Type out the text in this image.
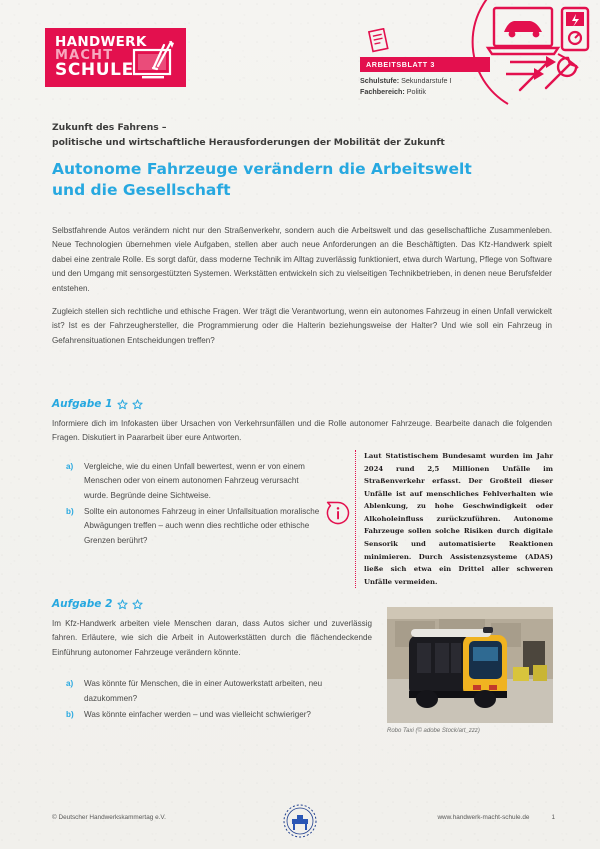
HANDWERK
MACHT
SCHULE	ARBEITSBLATT 3
Schulstufe: Sekundarstufe I
Fachbereich: Politik
Zukunft des Fahrens –
politische und wirtschaftliche Herausforderungen der Mobilität der Zukunft
Autonome Fahrzeuge verändern die Arbeitswelt
und die Gesellschaft

Selbstfahrende Autos verändern nicht nur den Straßenverkehr, sondern auch die Arbeitswelt und das gesellschaftliche Zusammenleben. Neue Technologien übernehmen viele Aufgaben, stellen aber auch neue Anforderungen an die Beschäftigten. Das Kfz-Handwerk spielt dabei eine zentrale Rolle. Es sorgt dafür, dass moderne Technik im Alltag zuverlässig funktioniert, etwa durch Wartung, Pflege von Software und den Umgang mit sensorgestützten Systemen. Werkstätten entwickeln sich zu vielseitigen Technikbetrieben, in denen neue Berufsfelder entstehen.

Zugleich stellen sich rechtliche und ethische Fragen. Wer trägt die Verantwortung, wenn ein autonomes Fahrzeug in einen Unfall verwickelt ist? Ist es der Fahrzeughersteller, die Programmierung oder die Halterin beziehungsweise der Halter? Und wie soll ein Fahrzeug in Gefahrensituationen Entscheidungen treffen?

Aufgabe 1
Informiere dich im Infokasten über Ursachen von Verkehrsunfällen und die Rolle autonomer Fahrzeuge. Bearbeite danach die folgenden Fragen. Diskutiert in Paararbeit über eure Antworten.
a)	Vergleiche, wie du einen Unfall bewertest, wenn er von einem Menschen oder von einem autonomen Fahrzeug verursacht wurde. Begründe deine Sichtweise.
b)	Sollte ein autonomes Fahrzeug in einer Unfallsituation moralische Abwägungen treffen – auch wenn dies rechtliche oder ethische Grenzen berührt?
Laut Statistischem Bundesamt wurden im Jahr 2024 rund 2,5 Millionen Unfälle im Straßenverkehr erfasst. Der Großteil dieser Unfälle ist auf menschliches Fehlverhalten wie Ablenkung, zu hohe Geschwindigkeit oder Alkoholeinfluss zurückzuführen. Autonome Fahrzeuge sollen solche Risiken durch digitale Sensorik und automatisierte Reaktionen minimieren. Durch Assistenzsysteme (ADAS) ließe sich etwa ein Drittel aller schweren Unfälle vermeiden.
Aufgabe 2
Im Kfz-Handwerk arbeiten viele Menschen daran, dass Autos sicher und zuverlässig fahren. Erläutere, wie sich die Arbeit in Autowerkstätten durch die flächendeckende Einführung autonomer Fahrzeuge verändern könnte.
a)	Was könnte für Menschen, die in einer Autowerkstatt arbeiten, neu dazukommen?
b)	Was könnte einfacher werden – und was vielleicht schwieriger?
Robo Taxi (© adobe Stock/art_zzz)
© Deutscher Handwerkskammertag e.V.	www.handwerk-macht-schule.de	1
